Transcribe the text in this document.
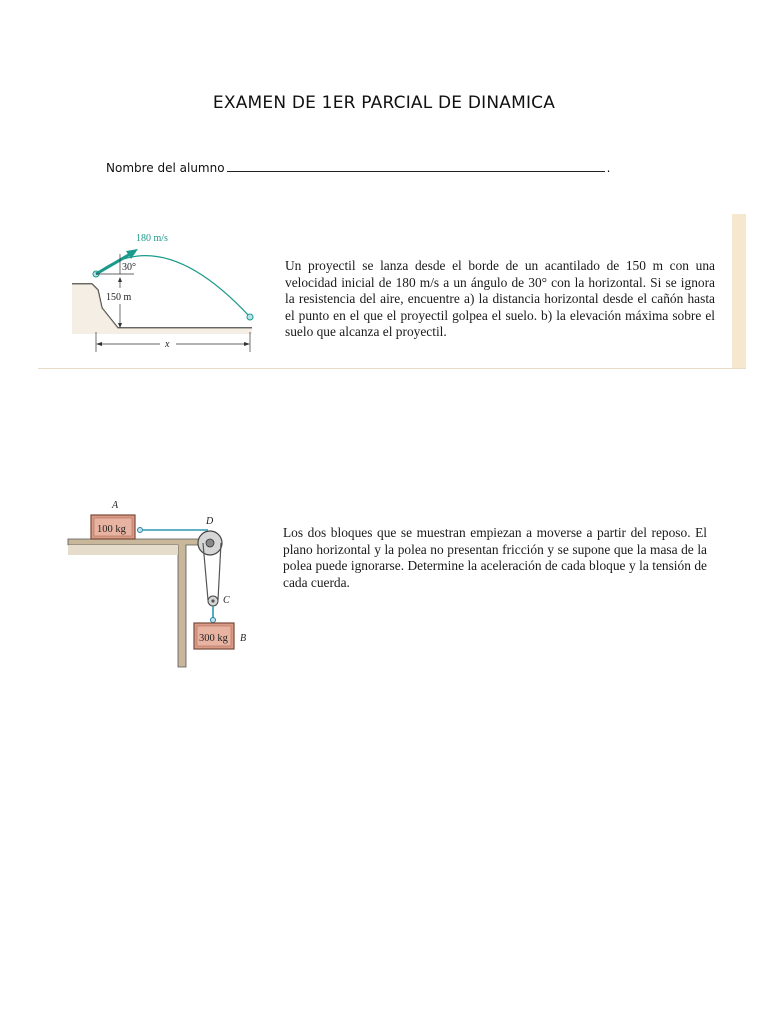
EXAMEN DE 1ER PARCIAL DE DINAMICA
Nombre del alumno	.
180 m/s
30°
150 m
x
Un proyectil se lanza desde el borde de un acantilado de 150 m con una velocidad inicial de 180 m/s a un ángulo de 30° con la horizontal. Si se ignora la resistencia del aire, encuentre a) la distancia horizontal desde el cañón hasta el punto en el que el proyectil golpea el suelo. b) la elevación máxima sobre el suelo que alcanza el proyectil.
A
100 kg
D
C
300 kg B
Los dos bloques que se muestran empiezan a moverse a partir del reposo. El plano horizontal y la polea no presentan fricción y se supone que la masa de la polea puede ignorarse. Determine la aceleración de cada bloque y la tensión de cada cuerda.
